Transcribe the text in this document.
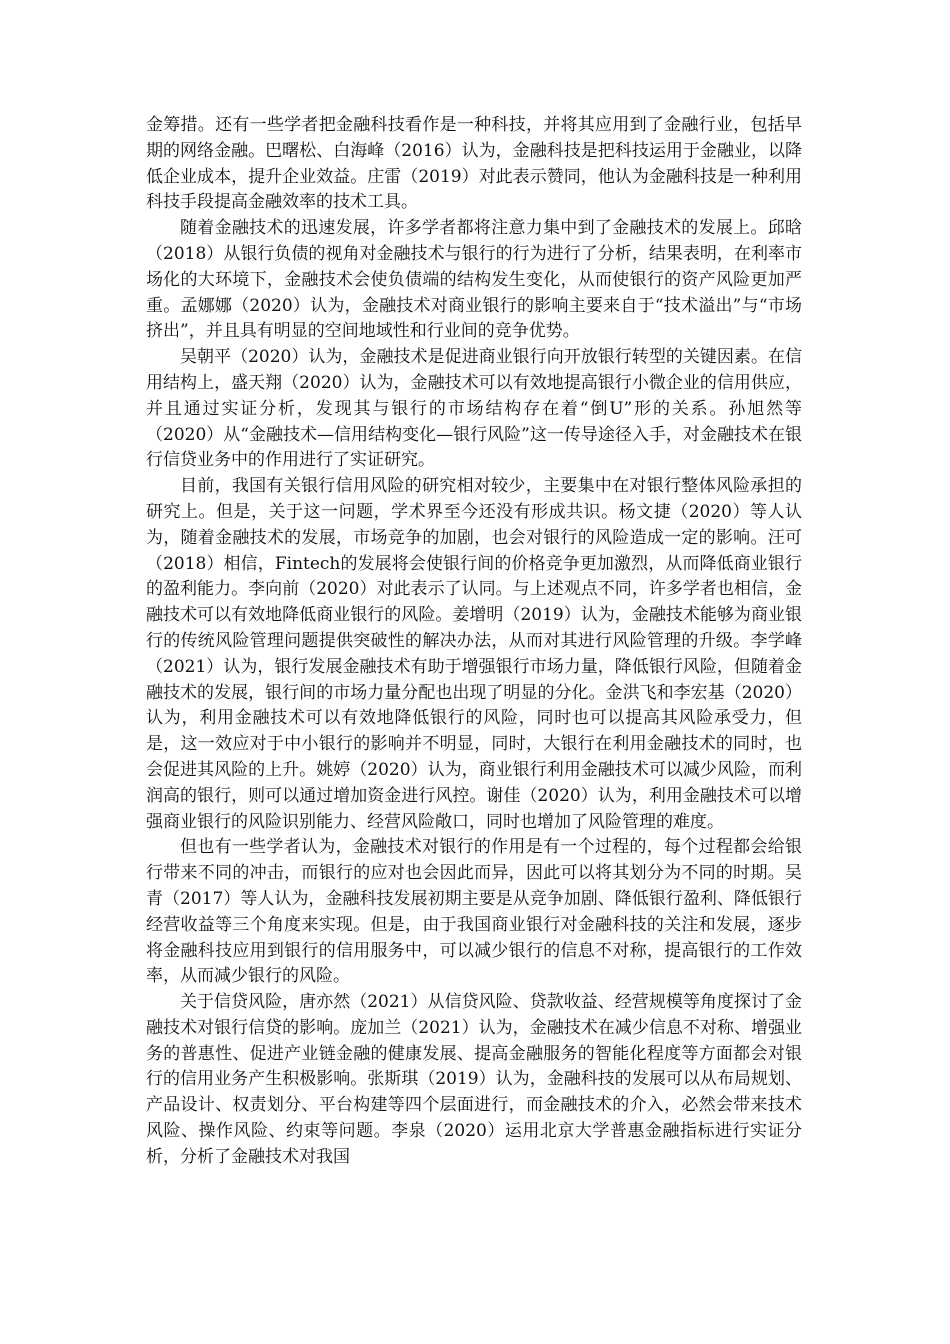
金筹措。还有一些学者把金融科技看作是一种科技，并将其应用到了金融行业，包括早期的网络金融。巴曙松、白海峰（2016）认为，金融科技是把科技运用于金融业，以降低企业成本，提升企业效益。庄雷（2019）对此表示赞同，他认为金融科技是一种利用科技手段提高金融效率的技术工具。

随着金融技术的迅速发展，许多学者都将注意力集中到了金融技术的发展上。邱晗（2018）从银行负债的视角对金融技术与银行的行为进行了分析，结果表明，在利率市场化的大环境下，金融技术会使负债端的结构发生变化，从而使银行的资产风险更加严重。孟娜娜（2020）认为，金融技术对商业银行的影响主要来自于“技术溢出”与“市场挤出”，并且具有明显的空间地域性和行业间的竞争优势。

吴朝平（2020）认为，金融技术是促进商业银行向开放银行转型的关键因素。在信用结构上，盛天翔（2020）认为，金融技术可以有效地提高银行小微企业的信用供应，并且通过实证分析，发现其与银行的市场结构存在着“倒U”形的关系。孙旭然等（2020）从“金融技术—信用结构变化—银行风险”这一传导途径入手，对金融技术在银行信贷业务中的作用进行了实证研究。

目前，我国有关银行信用风险的研究相对较少，主要集中在对银行整体风险承担的研究上。但是，关于这一问题，学术界至今还没有形成共识。杨文捷（2020）等人认为，随着金融技术的发展，市场竞争的加剧，也会对银行的风险造成一定的影响。汪可（2018）相信，Fintech的发展将会使银行间的价格竞争更加激烈，从而降低商业银行的盈利能力。李向前（2020）对此表示了认同。与上述观点不同，许多学者也相信，金融技术可以有效地降低商业银行的风险。姜增明（2019）认为，金融技术能够为商业银行的传统风险管理问题提供突破性的解决办法，从而对其进行风险管理的升级。李学峰（2021）认为，银行发展金融技术有助于增强银行市场力量，降低银行风险，但随着金融技术的发展，银行间的市场力量分配也出现了明显的分化。金洪飞和李宏基（2020）认为，利用金融技术可以有效地降低银行的风险，同时也可以提高其风险承受力，但是，这一效应对于中小银行的影响并不明显，同时，大银行在利用金融技术的同时，也会促进其风险的上升。姚婷（2020）认为，商业银行利用金融技术可以减少风险，而利润高的银行，则可以通过增加资金进行风控。谢佳（2020）认为，利用金融技术可以增强商业银行的风险识别能力、经营风险敞口，同时也增加了风险管理的难度。

但也有一些学者认为，金融技术对银行的作用是有一个过程的，每个过程都会给银行带来不同的冲击，而银行的应对也会因此而异，因此可以将其划分为不同的时期。吴青（2017）等人认为，金融科技发展初期主要是从竞争加剧、降低银行盈利、降低银行经营收益等三个角度来实现。但是，由于我国商业银行对金融科技的关注和发展，逐步将金融科技应用到银行的信用服务中，可以减少银行的信息不对称，提高银行的工作效率，从而减少银行的风险。

关于信贷风险，唐亦然（2021）从信贷风险、贷款收益、经营规模等角度探讨了金融技术对银行信贷的影响。庞加兰（2021）认为，金融技术在减少信息不对称、增强业务的普惠性、促进产业链金融的健康发展、提高金融服务的智能化程度等方面都会对银行的信用业务产生积极影响。张斯琪（2019）认为，金融科技的发展可以从布局规划、产品设计、权责划分、平台构建等四个层面进行，而金融技术的介入，必然会带来技术风险、操作风险、约束等问题。李泉（2020）运用北京大学普惠金融指标进行实证分析，分析了金融技术对我国
